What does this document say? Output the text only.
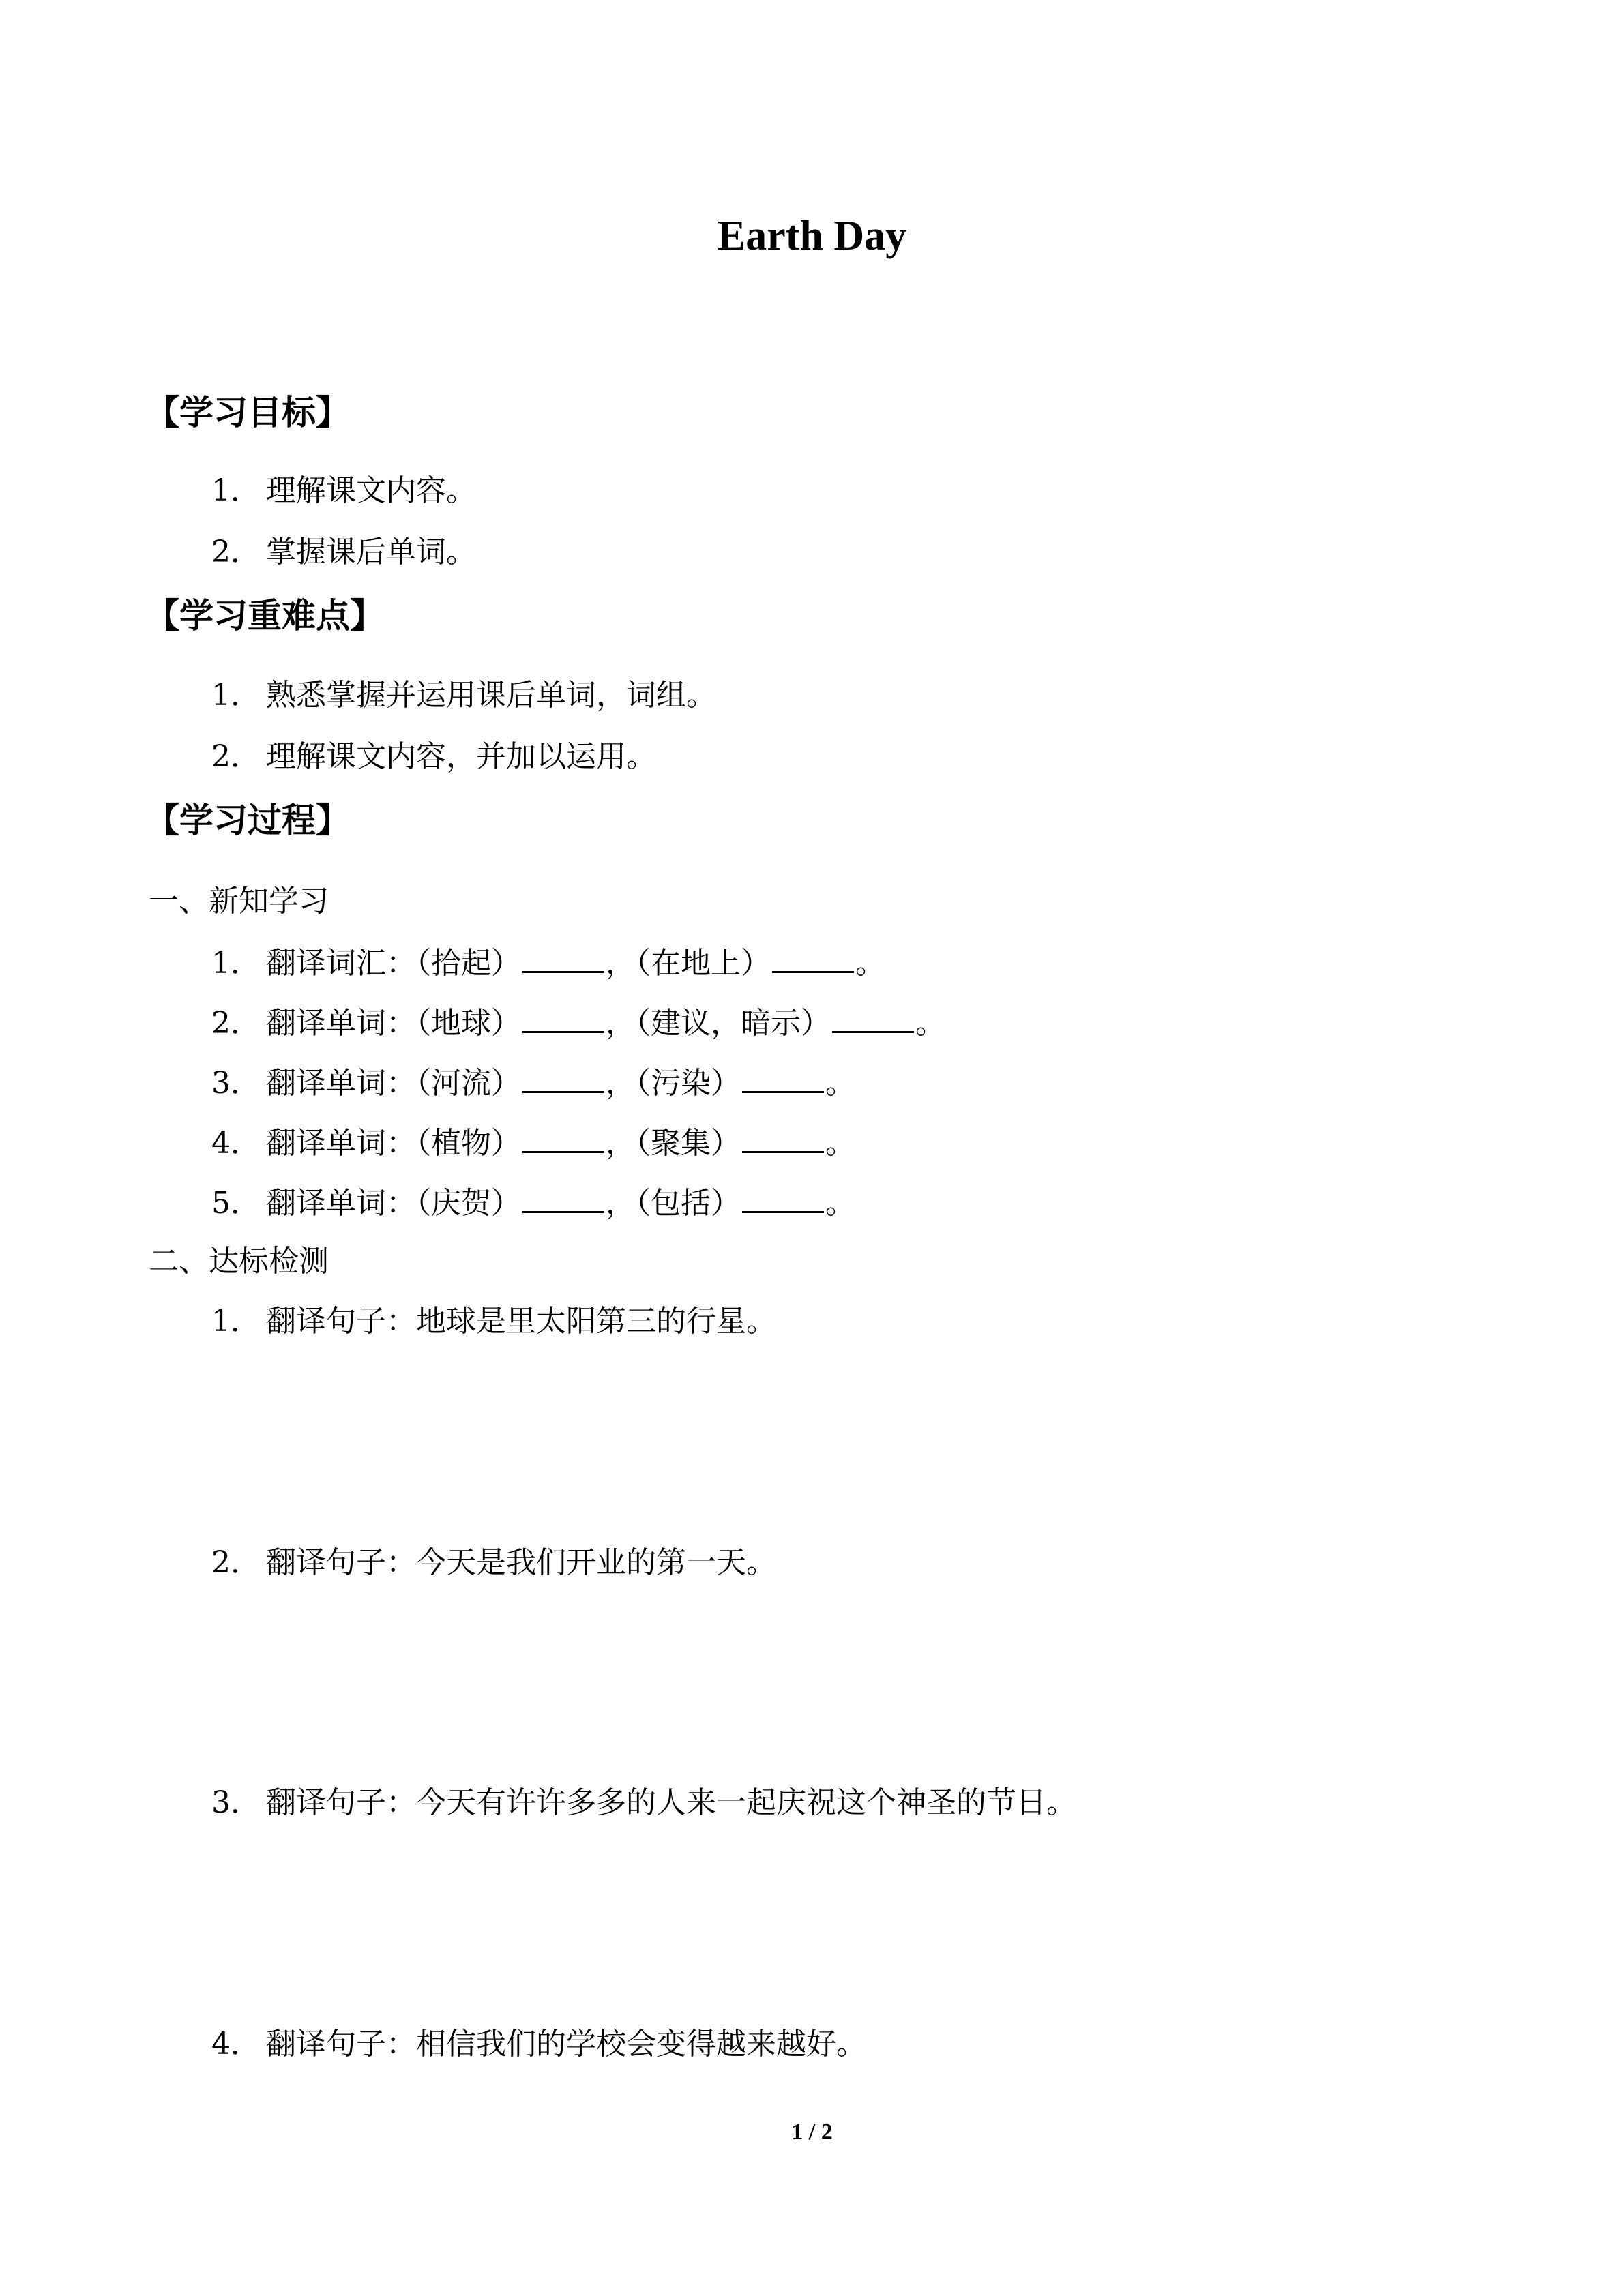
Earth Day
【学习目标】
1． 理解课文内容。
2． 掌握课后单词。
【学习重难点】
1． 熟悉掌握并运用课后单词，词组。
2． 理解课文内容，并加以运用。
【学习过程】
一、新知学习
1． 翻译词汇：（拾起）	，（在地上）	。
2． 翻译单词：（地球）	，（建议，暗示）	。
3． 翻译单词：（河流）	，（污染）	。
4． 翻译单词：（植物）	，（聚集）	。
5． 翻译单词：（庆贺）	，（包括）	。
二、达标检测
1． 翻译句子：地球是里太阳第三的行星。
2． 翻译句子：今天是我们开业的第一天。
3． 翻译句子：今天有许许多多的人来一起庆祝这个神圣的节日。
4． 翻译句子：相信我们的学校会变得越来越好。
1 / 2
